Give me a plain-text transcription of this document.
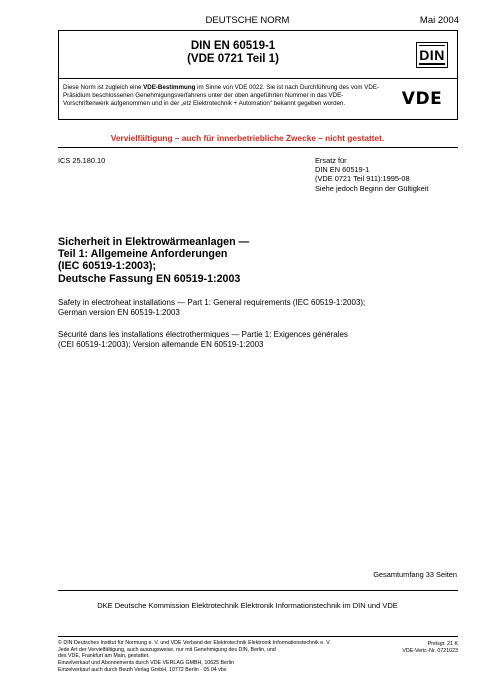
DEUTSCHE NORM	Mai 2004
DIN EN 60519-1
(VDE 0721 Teil 1)	DIN
Diese Norm ist zugleich eine VDE-Bestimmung im Sinne von VDE 0022. Sie ist nach Durchführung des vom VDE-Präsidium beschlossenen Genehmigungsverfahrens unter der oben angeführten Nummer in das VDE-Vorschriftenwerk aufgenommen und in der „etz Elektrotechnik + Automation“ bekannt gegeben worden.	VDE
Vervielfältigung – auch für innerbetriebliche Zwecke – nicht gestattet.
ICS 25.180.10	Ersatz für
DIN EN 60519-1
(VDE 0721 Teil 911):1995-08
Siehe jedoch Beginn der Gültigkeit
Sicherheit in Elektrowärmeanlagen —
Teil 1: Allgemeine Anforderungen
(IEC 60519-1:2003);
Deutsche Fassung EN 60519-1:2003
Safety in electroheat installations — Part 1: General requirements (IEC 60519-1:2003);
German version EN 60519-1:2003
Sécurité dans les installations électrothermiques — Partie 1: Exigences générales
(CEI 60519-1:2003); Version allemande EN 60519-1:2003
Gesamtumfang 33 Seiten
DKE Deutsche Kommission Elektrotechnik Elektronik Informationstechnik im DIN und VDE
© DIN Deutsches Institut für Normung e. V. und VDE Verband der Elektrotechnik Elektronik Informationstechnik e. V.
Jede Art der Vervielfältigung, auch auszugsweise, nur mit Genehmigung des DIN, Berlin, und
des VDE, Frankfurt am Main, gestattet.
Einzelverkauf und Abonnements durch VDE VERLAG GMBH, 10625 Berlin
Einzelverkauf auch durch Beuth Verlag GmbH, 10772 Berlin · 05.04 vbs
Preisgr. 21 K
VDE-Vertr.-Nr. 0721023
